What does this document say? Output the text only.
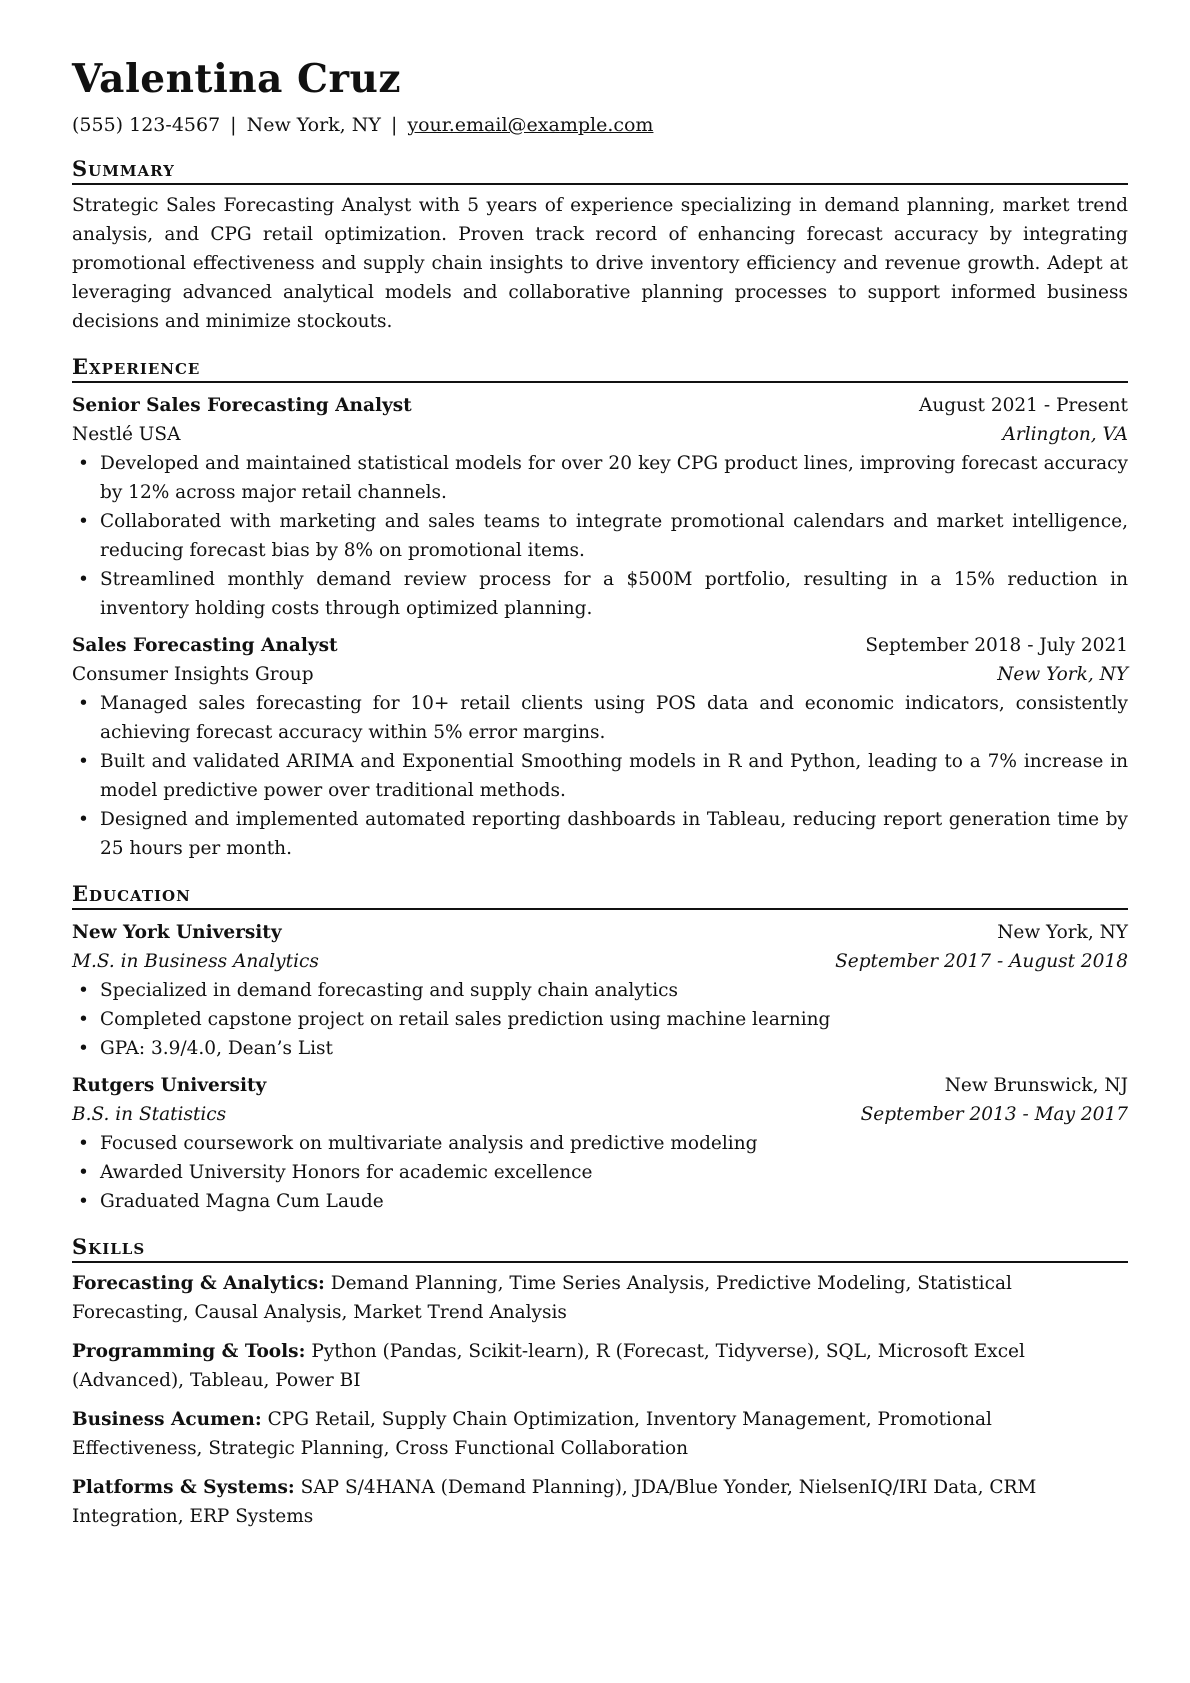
Valentina Cruz
(555) 123-4567 | New York, NY | your.email@example.com
Summary

Strategic Sales Forecasting Analyst with 5 years of experience specializing in demand planning, market trend analysis, and CPG retail optimization. Proven track record of enhancing forecast accuracy by integrating promotional effectiveness and supply chain insights to drive inventory efficiency and revenue growth. Adept at leveraging advanced analytical models and collaborative planning processes to support informed business decisions and minimize stockouts.

Experience
Senior Sales Forecasting Analyst	August 2021 - Present
Nestlé USA	Arlington, VA
• Developed and maintained statistical models for over 20 key CPG product lines, improving forecast accuracy by 12% across major retail channels.
• Collaborated with marketing and sales teams to integrate promotional calendars and market intelligence, reducing forecast bias by 8% on promotional items.
• Streamlined monthly demand review process for a $500M portfolio, resulting in a 15% reduction in inventory holding costs through optimized planning.
Sales Forecasting Analyst	September 2018 - July 2021
Consumer Insights Group	New York, NY
• Managed sales forecasting for 10+ retail clients using POS data and economic indicators, consistently achieving forecast accuracy within 5% error margins.
• Built and validated ARIMA and Exponential Smoothing models in R and Python, leading to a 7% increase in model predictive power over traditional methods.
• Designed and implemented automated reporting dashboards in Tableau, reducing report generation time by 25 hours per month.
Education
New York University	New York, NY
M.S. in Business Analytics	September 2017 - August 2018
• Specialized in demand forecasting and supply chain analytics
• Completed capstone project on retail sales prediction using machine learning
• GPA: 3.9/4.0, Dean’s List
Rutgers University	New Brunswick, NJ
B.S. in Statistics	September 2013 - May 2017
• Focused coursework on multivariate analysis and predictive modeling
• Awarded University Honors for academic excellence
• Graduated Magna Cum Laude
Skills

Forecasting & Analytics: Demand Planning, Time Series Analysis, Predictive Modeling, Statistical Forecasting, Causal Analysis, Market Trend Analysis

Programming & Tools: Python (Pandas, Scikit-learn), R (Forecast, Tidyverse), SQL, Microsoft Excel (Advanced), Tableau, Power BI

Business Acumen: CPG Retail, Supply Chain Optimization, Inventory Management, Promotional Effectiveness, Strategic Planning, Cross Functional Collaboration

Platforms & Systems: SAP S/4HANA (Demand Planning), JDA/Blue Yonder, NielsenIQ/IRI Data, CRM Integration, ERP Systems
